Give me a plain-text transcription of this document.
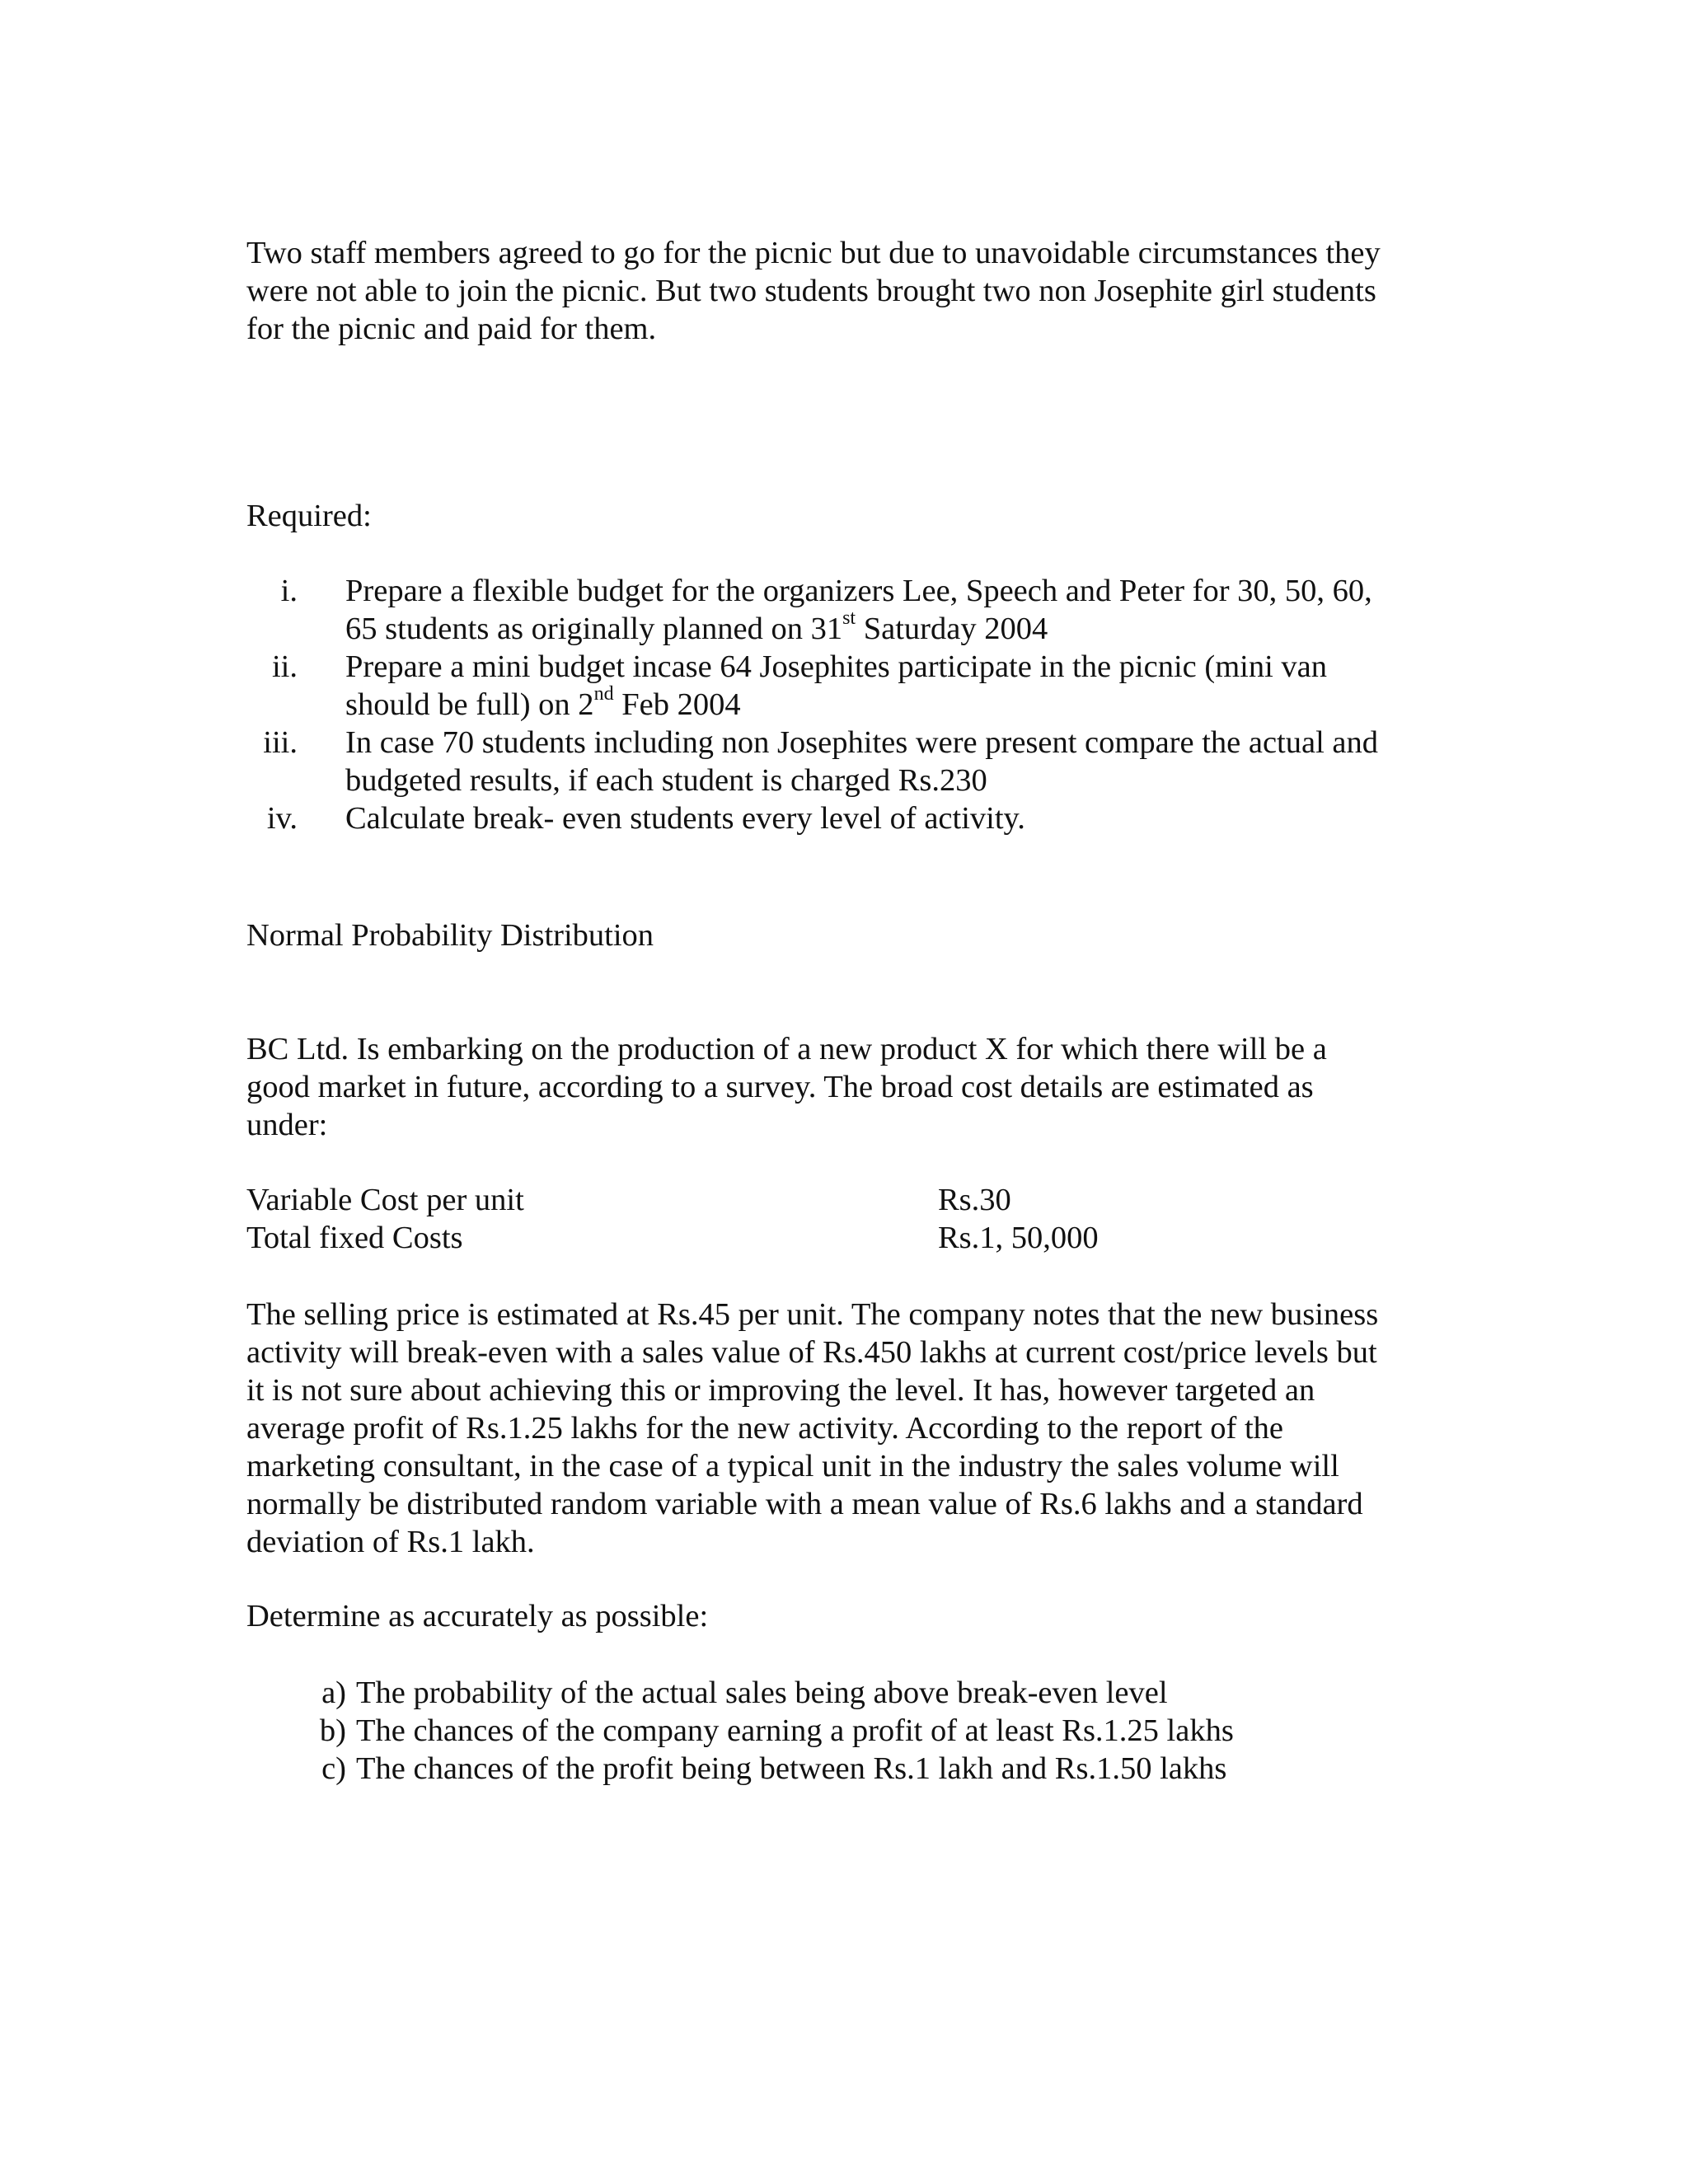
Two staff members agreed to go for the picnic but due to unavoidable circumstances they
were not able to join the picnic. But two students brought two non Josephite girl students
for the picnic and paid for them.
Required:
i. Prepare a flexible budget for the organizers Lee, Speech and Peter for 30, 50, 60,
65 students as originally planned on 31st Saturday 2004
ii. Prepare a mini budget incase 64 Josephites participate in the picnic (mini van
should be full) on 2nd Feb 2004
iii. In case 70 students including non Josephites were present compare the actual and
budgeted results, if each student is charged Rs.230
iv. Calculate break- even students every level of activity.
Normal Probability Distribution
BC Ltd. Is embarking on the production of a new product X for which there will be a
good market in future, according to a survey. The broad cost details are estimated as
under:
Variable Cost per unit	Rs.30
Total fixed Costs	Rs.1, 50,000
The selling price is estimated at Rs.45 per unit. The company notes that the new business
activity will break-even with a sales value of Rs.450 lakhs at current cost/price levels but
it is not sure about achieving this or improving the level. It has, however targeted an
average profit of Rs.1.25 lakhs for the new activity. According to the report of the
marketing consultant, in the case of a typical unit in the industry the sales volume will
normally be distributed random variable with a mean value of Rs.6 lakhs and a standard
deviation of Rs.1 lakh.
Determine as accurately as possible:
a) The probability of the actual sales being above break-even level
b) The chances of the company earning a profit of at least Rs.1.25 lakhs
c) The chances of the profit being between Rs.1 lakh and Rs.1.50 lakhs
